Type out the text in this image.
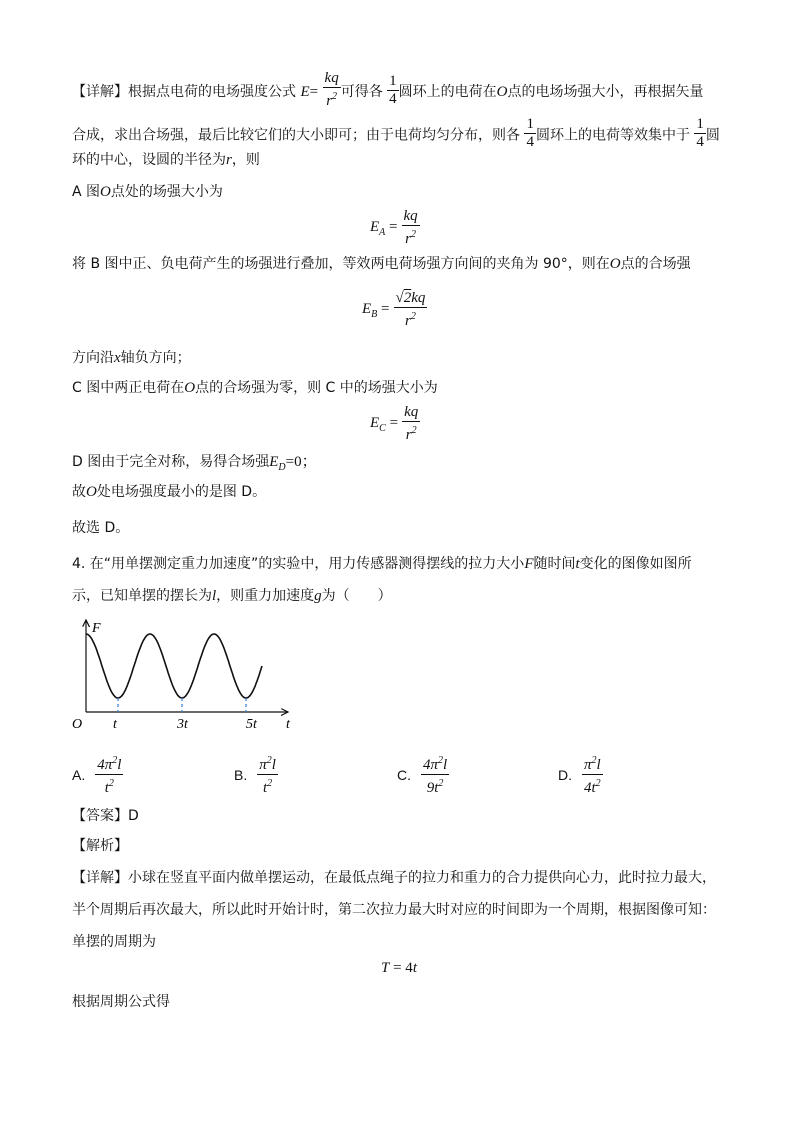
【详解】根据点电荷的电场强度公式 $E= \frac{kq}{r^2}$ 可得各 $\frac{1}{4}$ 圆环上的电荷在O点的电场场强大小，再根据矢量
合成，求出合场强，最后比较它们的大小即可；由于电荷均匀分布，则各 $\frac{1}{4}$ 圆环上的电荷等效集中于 $\frac{1}{4}$ 圆
环的中心，设圆的半径为r，则
A 图O点处的场强大小为
$E_A = \frac{kq}{r^2}$
将 B 图中正、负电荷产生的场强进行叠加，等效两电荷场强方向间的夹角为 90°，则在O点的合场强
$E_B = \frac{√2kq}{r^2}$
方向沿x轴负方向；
C 图中两正电荷在O点的合场强为零，则 C 中的场强大小为
$E_C = \frac{kq}{r^2}$
D 图由于完全对称，易得合场强$E_D=0$；
故O处电场强度最小的是图 D。
故选 D。
4. 在“用单摆测定重力加速度”的实验中，用力传感器测得摆线的拉力大小F随时间t变化的图像如图所
示，已知单摆的摆长为l，则重力加速度g为（　　）
F
t
O t	3t	5t
A. $\frac{4\pi^2l}{t^2}$	B. $\frac{\pi^2l}{t^2}$	C. $\frac{4\pi^2l}{9t^2}$	D. $\frac{\pi^2l}{4t^2}$
【答案】D
【解析】
【详解】小球在竖直平面内做单摆运动，在最低点绳子的拉力和重力的合力提供向心力，此时拉力最大，
半个周期后再次最大，所以此时开始计时，第二次拉力最大时对应的时间即为一个周期，根据图像可知：
单摆的周期为
T = 4t
根据周期公式得
